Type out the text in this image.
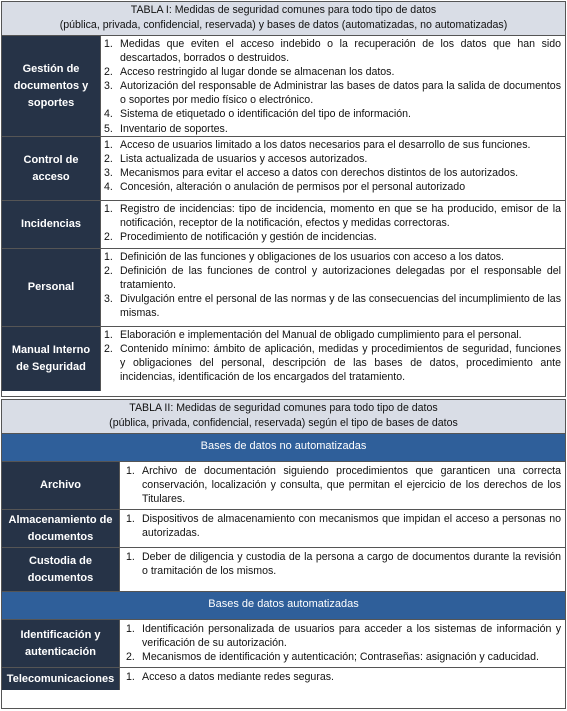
TABLA I: Medidas de seguridad comunes para todo tipo de datos
(pública, privada, confidencial, reservada) y bases de datos (automatizadas, no automatizadas)
Gestión de documentos y soportes
1. Medidas que eviten el acceso indebido o la recuperación de los datos que han sido descartados, borrados o destruidos.
2. Acceso restringido al lugar donde se almacenan los datos.
3. Autorización del responsable de Administrar las bases de datos para la salida de documentos o soportes por medio físico o electrónico.
4. Sistema de etiquetado o identificación del tipo de información.
5. Inventario de soportes.
Control de acceso
1. Acceso de usuarios limitado a los datos necesarios para el desarrollo de sus funciones.
2. Lista actualizada de usuarios y accesos autorizados.
3. Mecanismos para evitar el acceso a datos con derechos distintos de los autorizados.
4. Concesión, alteración o anulación de permisos por el personal autorizado
Incidencias
1. Registro de incidencias: tipo de incidencia, momento en que se ha producido, emisor de la notificación, receptor de la notificación, efectos y medidas correctoras.
2. Procedimiento de notificación y gestión de incidencias.
Personal
1. Definición de las funciones y obligaciones de los usuarios con acceso a los datos.
2. Definición de las funciones de control y autorizaciones delegadas por el responsable del tratamiento.
3. Divulgación entre el personal de las normas y de las consecuencias del incumplimiento de las mismas.
Manual Interno de Seguridad
1. Elaboración e implementación del Manual de obligado cumplimiento para el personal.
2. Contenido mínimo: ámbito de aplicación, medidas y procedimientos de seguridad, funciones y obligaciones del personal, descripción de las bases de datos, procedimiento ante incidencias, identificación de los encargados del tratamiento.
TABLA II: Medidas de seguridad comunes para todo tipo de datos
(pública, privada, confidencial, reservada) según el tipo de bases de datos
Bases de datos no automatizadas
Archivo
1. Archivo de documentación siguiendo procedimientos que garanticen una correcta conservación, localización y consulta, que permitan el ejercicio de los derechos de los Titulares.
Almacenamiento de documentos
1. Dispositivos de almacenamiento con mecanismos que impidan el acceso a personas no autorizadas.
Custodia de documentos
1. Deber de diligencia y custodia de la persona a cargo de documentos durante la revisión o tramitación de los mismos.
Bases de datos automatizadas
Identificación y autenticación
1. Identificación personalizada de usuarios para acceder a los sistemas de información y verificación de su autorización.
2. Mecanismos de identificación y autenticación; Contraseñas: asignación y caducidad.
Telecomunicaciones	1. Acceso a datos mediante redes seguras.
